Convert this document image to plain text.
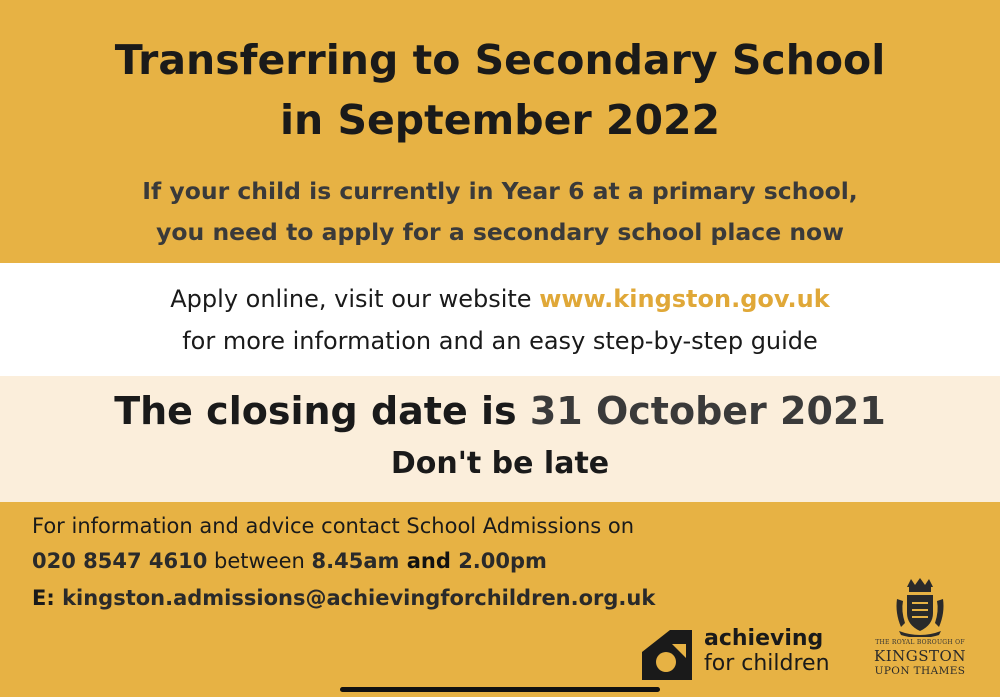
Transferring to Secondary School
in September 2022
If your child is currently in Year 6 at a primary school,
you need to apply for a secondary school place now
Apply online, visit our website www.kingston.gov.uk
for more information and an easy step-by-step guide
The closing date is 31 October 2021
Don't be late
For information and advice contact School Admissions on
020 8547 4610 between 8.45am and 2.00pm
E: kingston.admissions@achievingforchildren.org.uk
achieving
for children
THE ROYAL BOROUGH OF
KINGSTON
UPON THAMES
